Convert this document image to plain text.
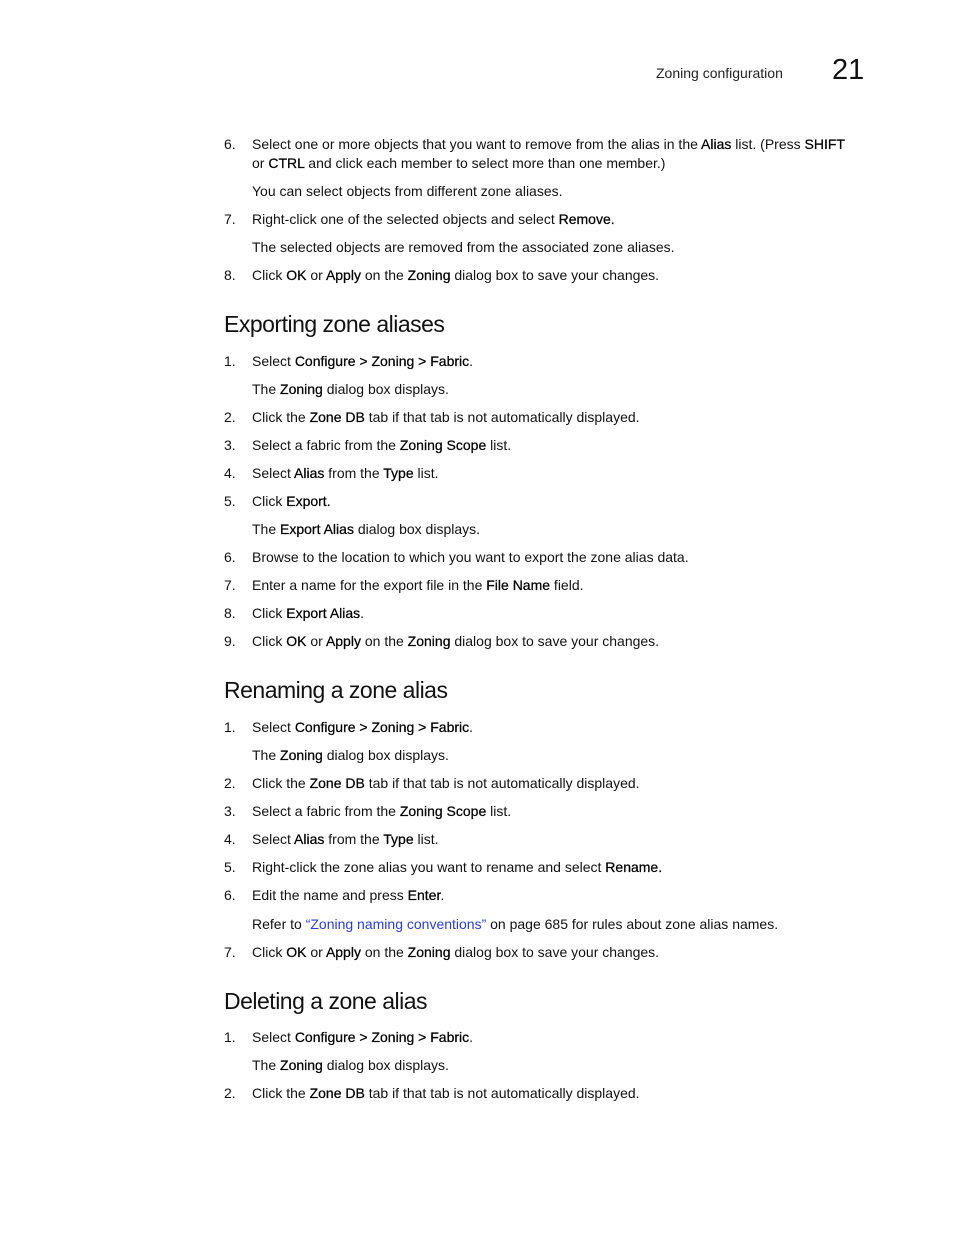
Zoning configuration 21
6. Select one or more objects that you want to remove from the alias in the Alias list. (Press SHIFT
or CTRL and click each member to select more than one member.)
You can select objects from different zone aliases.
7. Right-click one of the selected objects and select Remove.
The selected objects are removed from the associated zone aliases.
8. Click OK or Apply on the Zoning dialog box to save your changes.
Exporting zone aliases
1. Select Configure > Zoning > Fabric.
The Zoning dialog box displays.
2. Click the Zone DB tab if that tab is not automatically displayed.
3. Select a fabric from the Zoning Scope list.
4. Select Alias from the Type list.
5. Click Export.
The Export Alias dialog box displays.
6. Browse to the location to which you want to export the zone alias data.
7. Enter a name for the export file in the File Name field.
8. Click Export Alias.
9. Click OK or Apply on the Zoning dialog box to save your changes.
Renaming a zone alias
1. Select Configure > Zoning > Fabric.
The Zoning dialog box displays.
2. Click the Zone DB tab if that tab is not automatically displayed.
3. Select a fabric from the Zoning Scope list.
4. Select Alias from the Type list.
5. Right-click the zone alias you want to rename and select Rename.
6. Edit the name and press Enter.
Refer to “Zoning naming conventions” on page 685 for rules about zone alias names.
7. Click OK or Apply on the Zoning dialog box to save your changes.
Deleting a zone alias
1. Select Configure > Zoning > Fabric.
The Zoning dialog box displays.
2. Click the Zone DB tab if that tab is not automatically displayed.
